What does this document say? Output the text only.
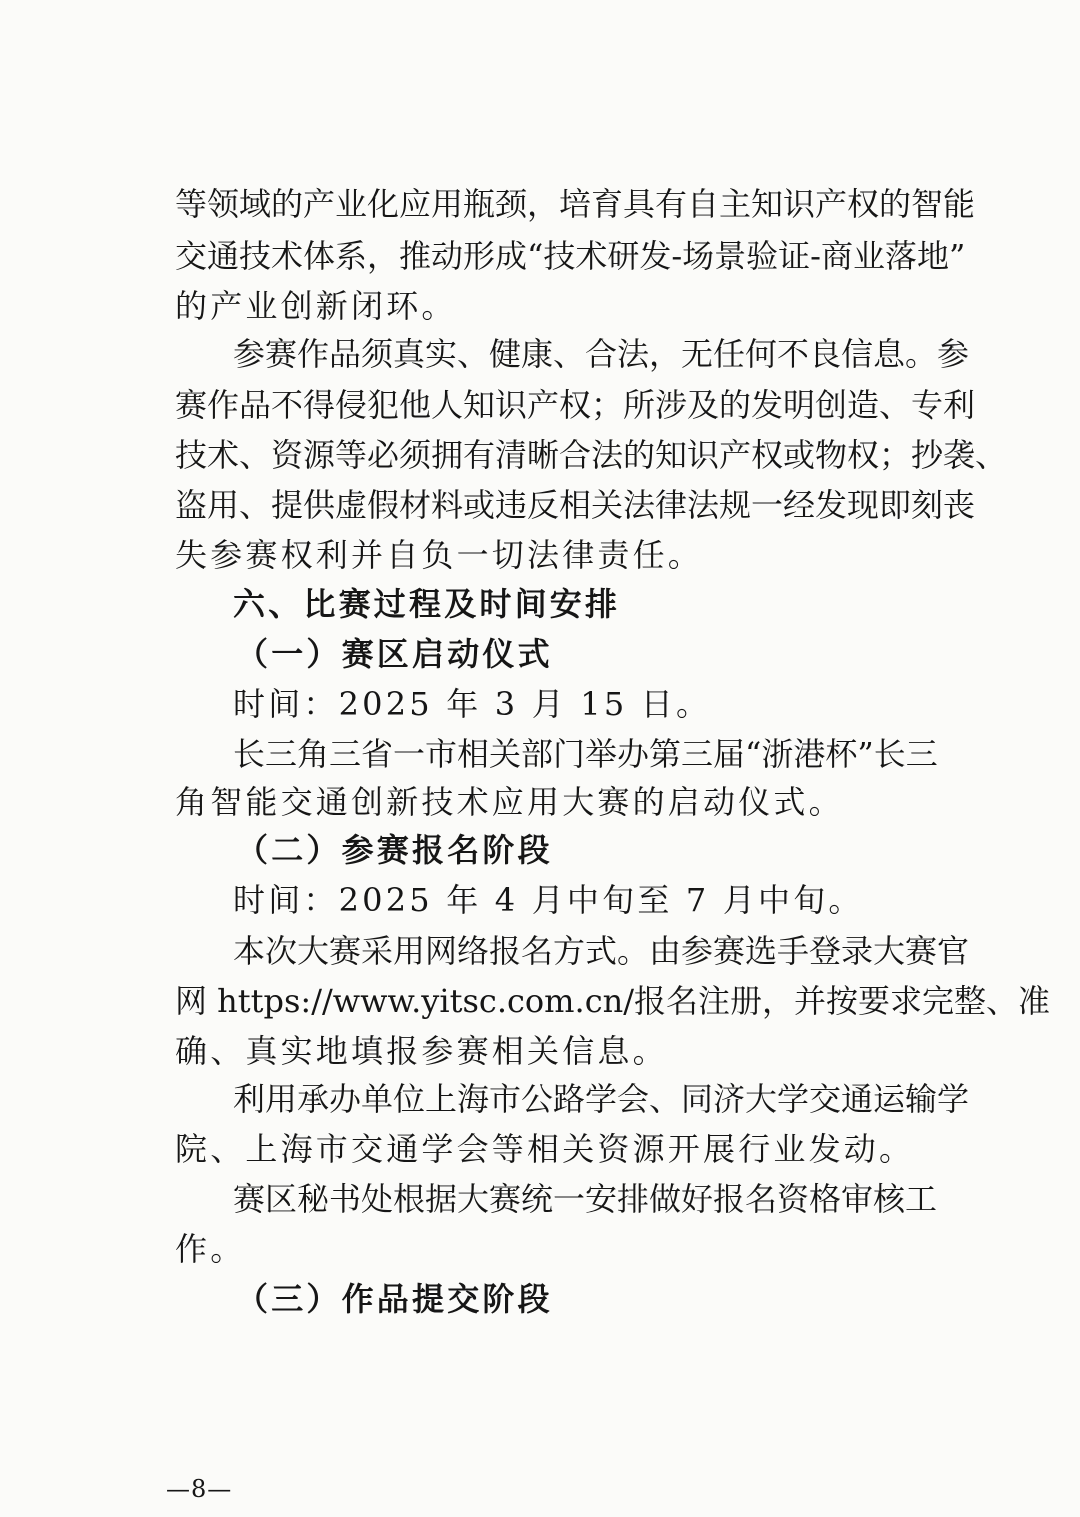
等领域的产业化应用瓶颈，培育具有自主知识产权的智能
交通技术体系，推动形成“技术研发-场景验证-商业落地”
的产业创新闭环。
参赛作品须真实、健康、合法，无任何不良信息。参
赛作品不得侵犯他人知识产权；所涉及的发明创造、专利
技术、资源等必须拥有清晰合法的知识产权或物权；抄袭、
盗用、提供虚假材料或违反相关法律法规一经发现即刻丧
失参赛权利并自负一切法律责任。
六、比赛过程及时间安排
（一）赛区启动仪式
时间：2025 年 3 月 15 日。
长三角三省一市相关部门举办第三届“浙港杯”长三
角智能交通创新技术应用大赛的启动仪式。
（二）参赛报名阶段
时间：2025 年 4 月中旬至 7 月中旬。
本次大赛采用网络报名方式。由参赛选手登录大赛官
网 https://www.yitsc.com.cn/报名注册，并按要求完整、准
确、真实地填报参赛相关信息。
利用承办单位上海市公路学会、同济大学交通运输学
院、上海市交通学会等相关资源开展行业发动。
赛区秘书处根据大赛统一安排做好报名资格审核工
作。
（三）作品提交阶段
—8—
